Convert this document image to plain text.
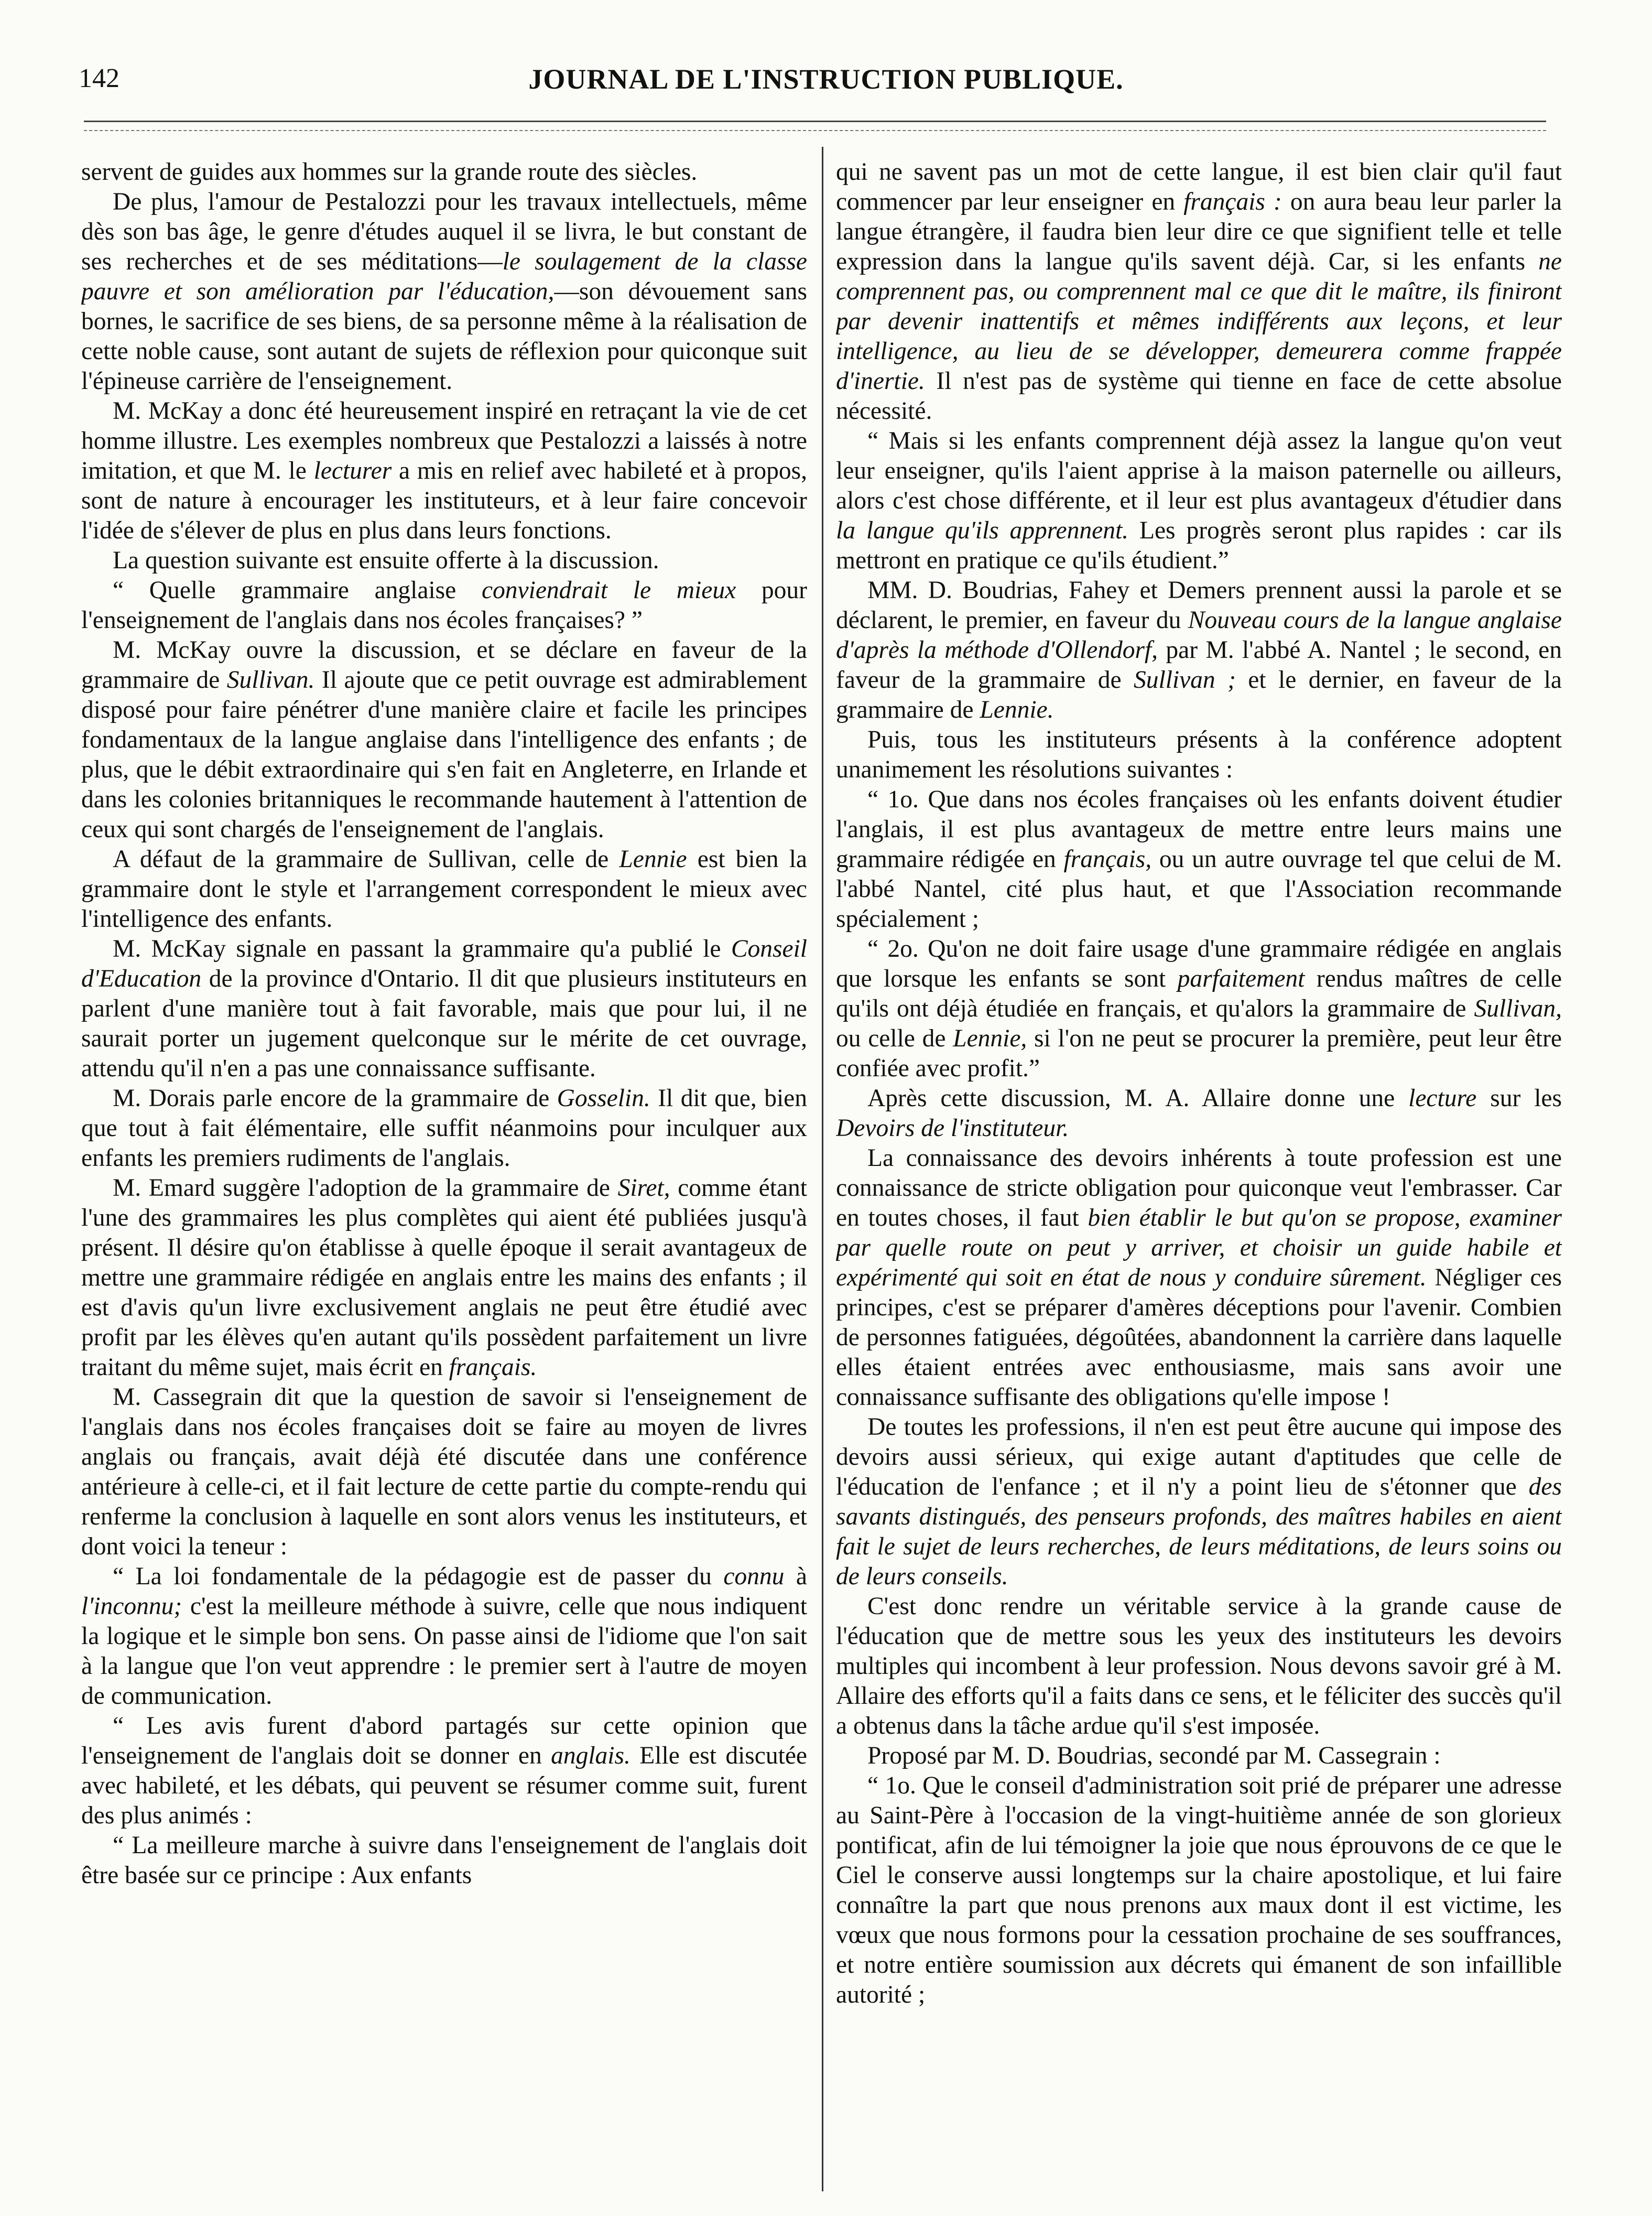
142	JOURNAL DE L'INSTRUCTION PUBLIQUE.

servent de guides aux hommes sur la grande route des siècles.

De plus, l'amour de Pestalozzi pour les travaux intellectuels, même dès son bas âge, le genre d'études auquel il se livra, le but constant de ses recherches et de ses méditations—le soulagement de la classe pauvre et son amélioration par l'éducation,—son dévouement sans bornes, le sacrifice de ses biens, de sa personne même à la réalisation de cette noble cause, sont autant de sujets de réflexion pour quiconque suit l'épineuse carrière de l'enseignement.

M. McKay a donc été heureusement inspiré en retraçant la vie de cet homme illustre. Les exemples nombreux que Pestalozzi a laissés à notre imitation, et que M. le lecturer a mis en relief avec habileté et à propos, sont de nature à encourager les instituteurs, et à leur faire concevoir l'idée de s'élever de plus en plus dans leurs fonctions.

La question suivante est ensuite offerte à la discussion.

“ Quelle grammaire anglaise conviendrait le mieux pour l'enseignement de l'anglais dans nos écoles françaises? ”

M. McKay ouvre la discussion, et se déclare en faveur de la grammaire de Sullivan. Il ajoute que ce petit ouvrage est admirablement disposé pour faire pénétrer d'une manière claire et facile les principes fondamentaux de la langue anglaise dans l'intelligence des enfants ; de plus, que le débit extraordinaire qui s'en fait en Angleterre, en Irlande et dans les colonies britanniques le recommande hautement à l'attention de ceux qui sont chargés de l'enseignement de l'anglais.

A défaut de la grammaire de Sullivan, celle de Lennie est bien la grammaire dont le style et l'arrangement correspondent le mieux avec l'intelligence des enfants.

M. McKay signale en passant la grammaire qu'a publié le Conseil d'Education de la province d'Ontario. Il dit que plusieurs instituteurs en parlent d'une manière tout à fait favorable, mais que pour lui, il ne saurait porter un jugement quelconque sur le mérite de cet ouvrage, attendu qu'il n'en a pas une connaissance suffisante.

M. Dorais parle encore de la grammaire de Gosselin. Il dit que, bien que tout à fait élémentaire, elle suffit néanmoins pour inculquer aux enfants les premiers rudiments de l'anglais.

M. Emard suggère l'adoption de la grammaire de Siret, comme étant l'une des grammaires les plus complètes qui aient été publiées jusqu'à présent. Il désire qu'on établisse à quelle époque il serait avantageux de mettre une grammaire rédigée en anglais entre les mains des enfants ; il est d'avis qu'un livre exclusivement anglais ne peut être étudié avec profit par les élèves qu'en autant qu'ils possèdent parfaitement un livre traitant du même sujet, mais écrit en français.

M. Cassegrain dit que la question de savoir si l'enseignement de l'anglais dans nos écoles françaises doit se faire au moyen de livres anglais ou français, avait déjà été discutée dans une conférence antérieure à celle-ci, et il fait lecture de cette partie du compte-rendu qui renferme la conclusion à laquelle en sont alors venus les instituteurs, et dont voici la teneur :

“ La loi fondamentale de la pédagogie est de passer du connu à l'inconnu; c'est la meilleure méthode à suivre, celle que nous indiquent la logique et le simple bon sens. On passe ainsi de l'idiome que l'on sait à la langue que l'on veut apprendre : le premier sert à l'autre de moyen de communication.

“ Les avis furent d'abord partagés sur cette opinion que l'enseignement de l'anglais doit se donner en anglais. Elle est discutée avec habileté, et les débats, qui peuvent se résumer comme suit, furent des plus animés :

“ La meilleure marche à suivre dans l'enseignement de l'anglais doit être basée sur ce principe : Aux enfants

qui ne savent pas un mot de cette langue, il est bien clair qu'il faut commencer par leur enseigner en français : on aura beau leur parler la langue étrangère, il faudra bien leur dire ce que signifient telle et telle expression dans la langue qu'ils savent déjà. Car, si les enfants ne comprennent pas, ou comprennent mal ce que dit le maître, ils finiront par devenir inattentifs et mêmes indifférents aux leçons, et leur intelligence, au lieu de se développer, demeurera comme frappée d'inertie. Il n'est pas de système qui tienne en face de cette absolue nécessité.

“ Mais si les enfants comprennent déjà assez la langue qu'on veut leur enseigner, qu'ils l'aient apprise à la maison paternelle ou ailleurs, alors c'est chose différente, et il leur est plus avantageux d'étudier dans la langue qu'ils apprennent. Les progrès seront plus rapides : car ils mettront en pratique ce qu'ils étudient.”

MM. D. Boudrias, Fahey et Demers prennent aussi la parole et se déclarent, le premier, en faveur du Nouveau cours de la langue anglaise d'après la méthode d'Ollendorf, par M. l'abbé A. Nantel ; le second, en faveur de la grammaire de Sullivan ; et le dernier, en faveur de la grammaire de Lennie.

Puis, tous les instituteurs présents à la conférence adoptent unanimement les résolutions suivantes :

“ 1o. Que dans nos écoles françaises où les enfants doivent étudier l'anglais, il est plus avantageux de mettre entre leurs mains une grammaire rédigée en français, ou un autre ouvrage tel que celui de M. l'abbé Nantel, cité plus haut, et que l'Association recommande spécialement ;

“ 2o. Qu'on ne doit faire usage d'une grammaire rédigée en anglais que lorsque les enfants se sont parfaitement rendus maîtres de celle qu'ils ont déjà étudiée en français, et qu'alors la grammaire de Sullivan, ou celle de Lennie, si l'on ne peut se procurer la première, peut leur être confiée avec profit.”

Après cette discussion, M. A. Allaire donne une lecture sur les Devoirs de l'instituteur.

La connaissance des devoirs inhérents à toute profession est une connaissance de stricte obligation pour quiconque veut l'embrasser. Car en toutes choses, il faut bien établir le but qu'on se propose, examiner par quelle route on peut y arriver, et choisir un guide habile et expérimenté qui soit en état de nous y conduire sûrement. Négliger ces principes, c'est se préparer d'amères déceptions pour l'avenir. Combien de personnes fatiguées, dégoûtées, abandonnent la carrière dans laquelle elles étaient entrées avec enthousiasme, mais sans avoir une connaissance suffisante des obligations qu'elle impose !

De toutes les professions, il n'en est peut être aucune qui impose des devoirs aussi sérieux, qui exige autant d'aptitudes que celle de l'éducation de l'enfance ; et il n'y a point lieu de s'étonner que des savants distingués, des penseurs profonds, des maîtres habiles en aient fait le sujet de leurs recherches, de leurs méditations, de leurs soins ou de leurs conseils.

C'est donc rendre un véritable service à la grande cause de l'éducation que de mettre sous les yeux des instituteurs les devoirs multiples qui incombent à leur profession. Nous devons savoir gré à M. Allaire des efforts qu'il a faits dans ce sens, et le féliciter des succès qu'il a obtenus dans la tâche ardue qu'il s'est imposée.

Proposé par M. D. Boudrias, secondé par M. Cassegrain :

“ 1o. Que le conseil d'administration soit prié de préparer une adresse au Saint-Père à l'occasion de la vingt-huitième année de son glorieux pontificat, afin de lui témoigner la joie que nous éprouvons de ce que le Ciel le conserve aussi longtemps sur la chaire apostolique, et lui faire connaître la part que nous prenons aux maux dont il est victime, les vœux que nous formons pour la cessation prochaine de ses souffrances, et notre entière soumission aux décrets qui émanent de son infaillible autorité ;
